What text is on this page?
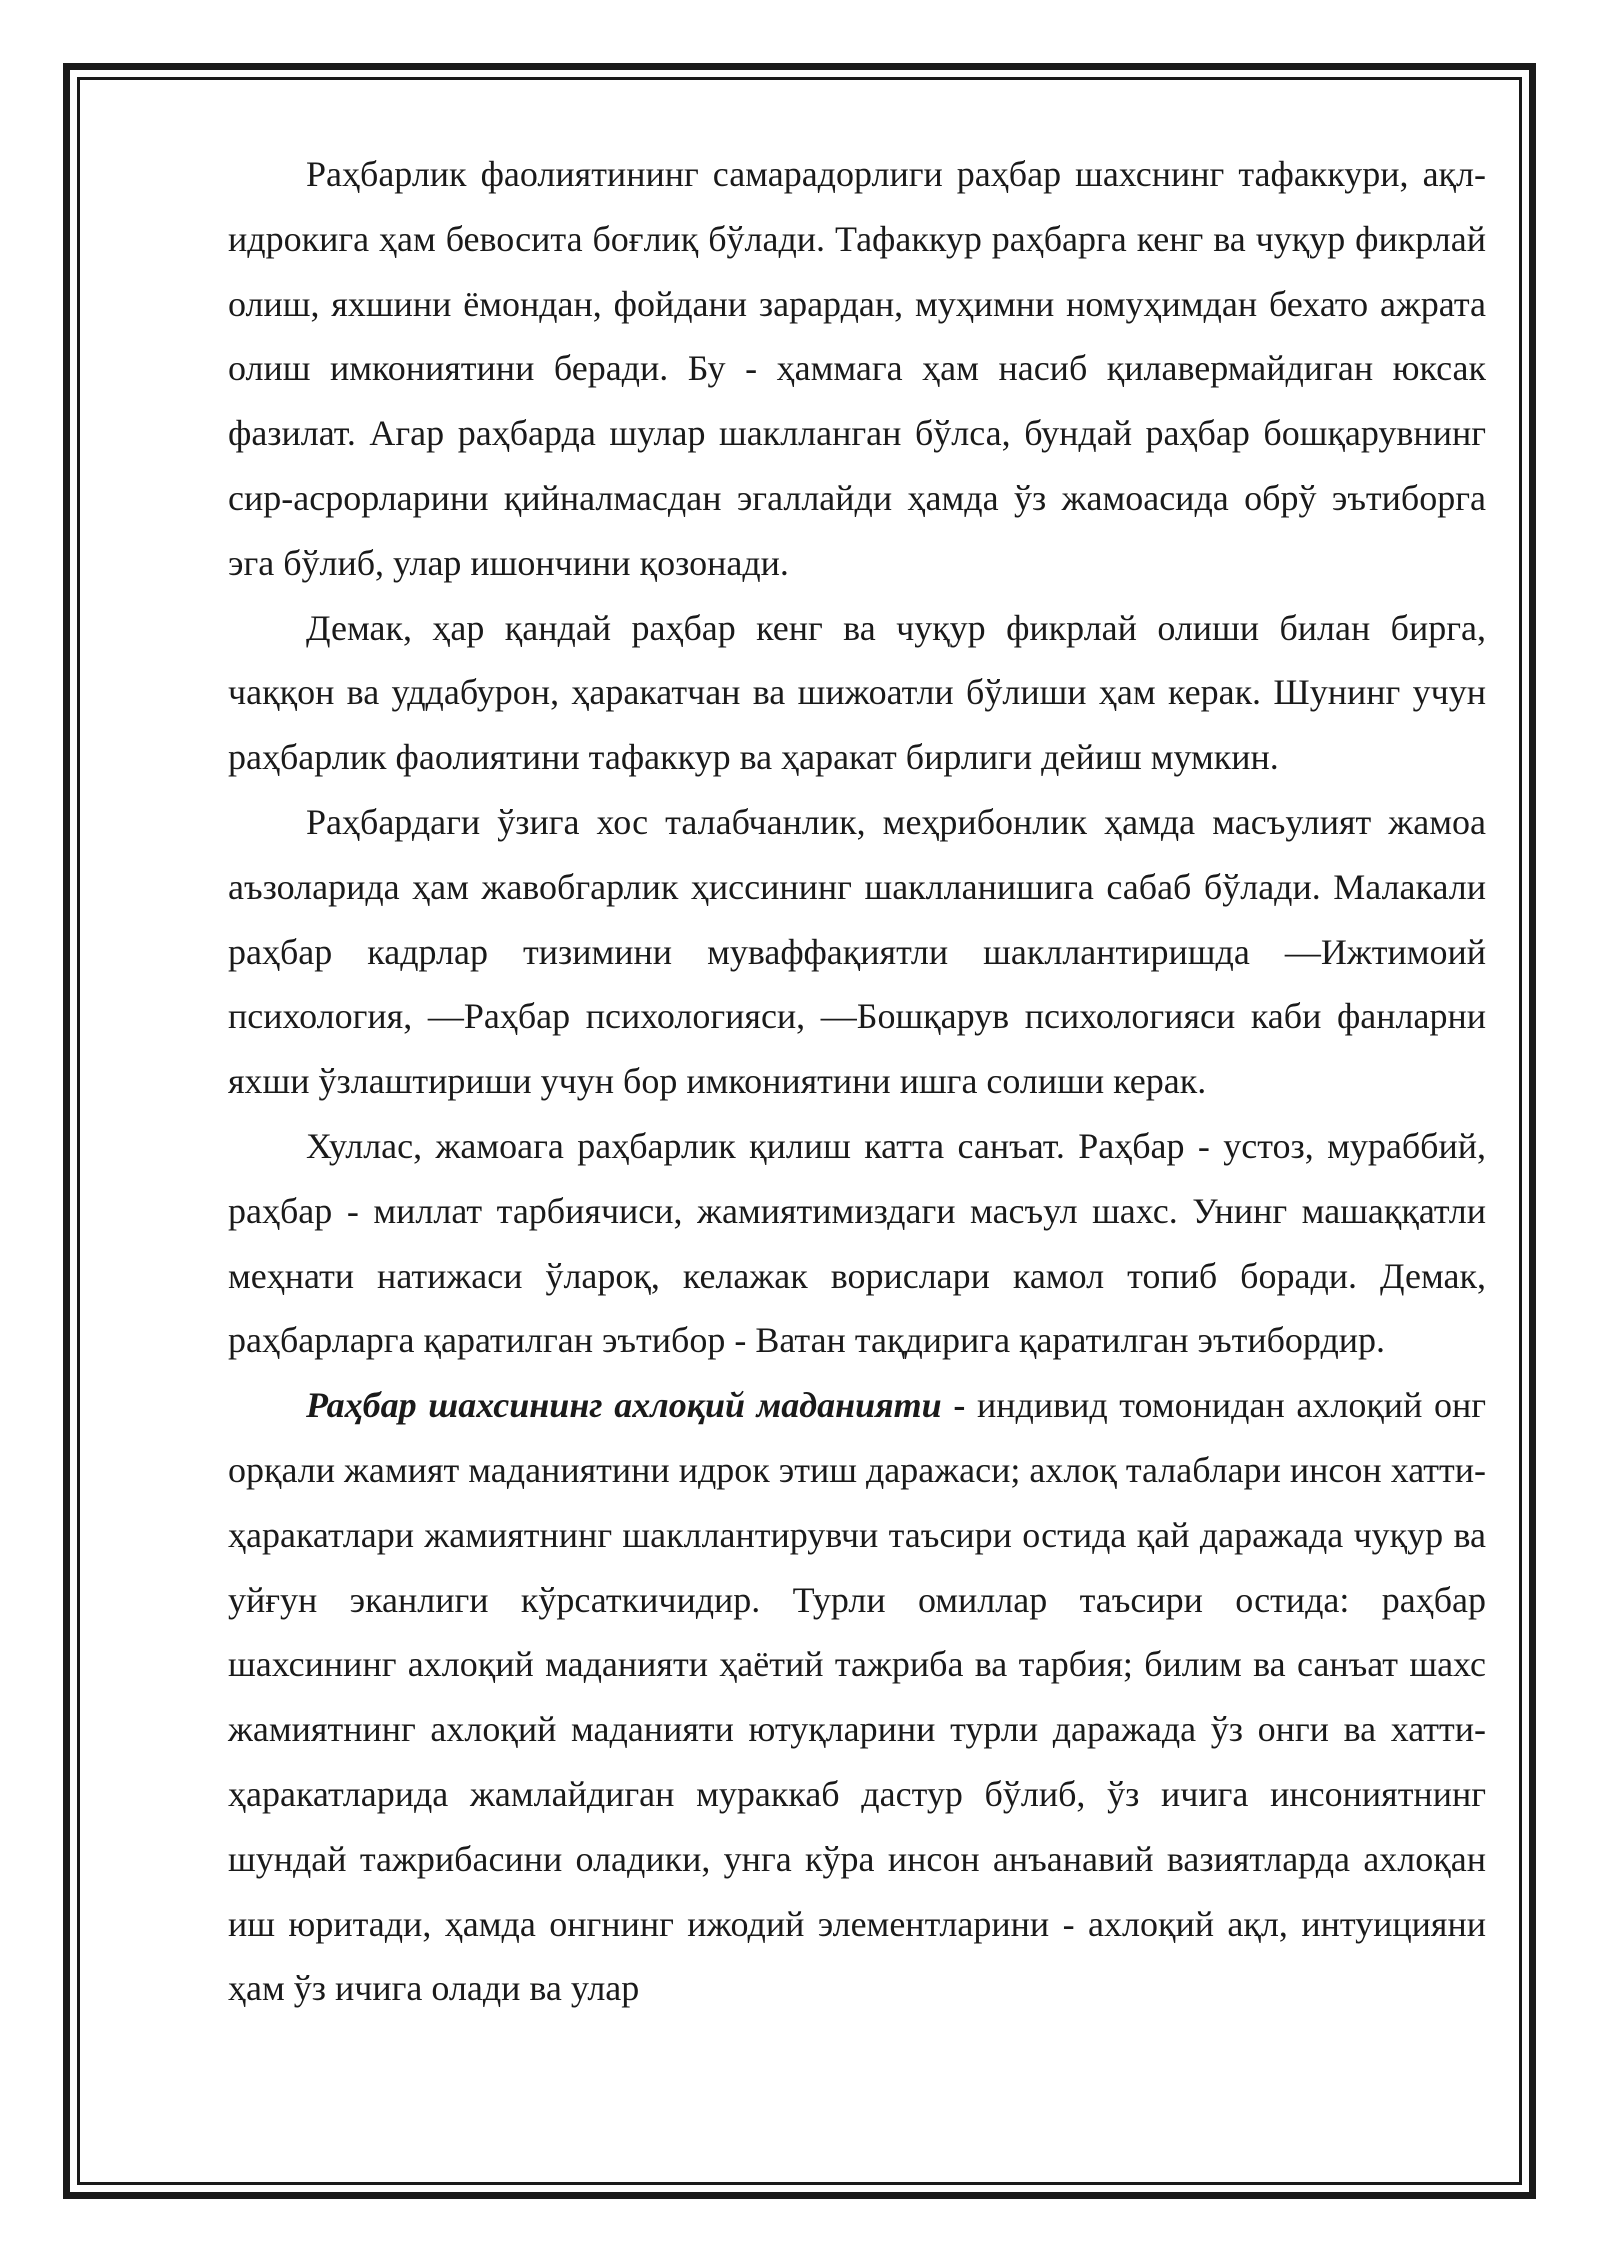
Раҳбарлик фаолиятининг самарадорлиги раҳбар шахснинг тафаккури, ақл-идрокига ҳам бевосита боғлиқ бўлади. Тафаккур раҳбарга кенг ва чуқур фикрлай олиш, яхшини ёмондан, фойдани зарардан, муҳимни номуҳимдан бехато ажрата олиш имкониятини беради. Бу - ҳаммага ҳам насиб қилавермайдиган юксак фазилат. Агар раҳбарда шулар шаклланган бўлса, бундай раҳбар бошқарувнинг сир-асрорларини қийналмасдан эгаллайди ҳамда ўз жамоасида обрў эътиборга эга бўлиб, улар ишончини қозонади.

Демак, ҳар қандай раҳбар кенг ва чуқур фикрлай олиши билан бирга, чаққон ва уддабурон, ҳаракатчан ва шижоатли бўлиши ҳам керак. Шунинг учун раҳбарлик фаолиятини тафаккур ва ҳаракат бирлиги дейиш мумкин.

Раҳбардаги ўзига хос талабчанлик, меҳрибонлик ҳамда масъулият жамоа аъзоларида ҳам жавобгарлик ҳиссининг шаклланишига сабаб бўлади. Малакали раҳбар кадрлар тизимини муваффақиятли шакллантиришда ―Ижтимоий психология, ―Раҳбар психологияси, ―Бошқарув психологияси каби фанларни яхши ўзлаштириши учун бор имкониятини ишга солиши керак.

Хуллас, жамоага раҳбарлик қилиш катта санъат. Раҳбар - устоз, мураббий, раҳбар - миллат тарбиячиси, жамиятимиздаги масъул шахс. Унинг машаққатли меҳнати натижаси ўлароқ, келажак ворислари камол топиб боради. Демак, раҳбарларга қаратилган эътибор - Ватан тақдирига қаратилган эътибордир.

Раҳбар шахсининг ахлоқий маданияти - индивид томонидан ахлоқий онг орқали жамият маданиятини идрок этиш даражаси; ахлоқ талаблари инсон хатти-ҳаракатлари жамиятнинг шакллантирувчи таъсири остида қай даражада чуқур ва уйғун эканлиги кўрсаткичидир. Турли омиллар таъсири остида: раҳбар шахсининг ахлоқий маданияти ҳаётий тажриба ва тарбия; билим ва санъат шахс жамиятнинг ахлоқий маданияти ютуқларини турли даражада ўз онги ва хатти-ҳаракатларида жамлайдиган мураккаб дастур бўлиб, ўз ичига инсониятнинг шундай тажрибасини оладики, унга кўра инсон анъанавий вазиятларда ахлоқан иш юритади, ҳамда онгнинг ижодий элементларини - ахлоқий ақл, интуицияни ҳам ўз ичига олади ва улар
